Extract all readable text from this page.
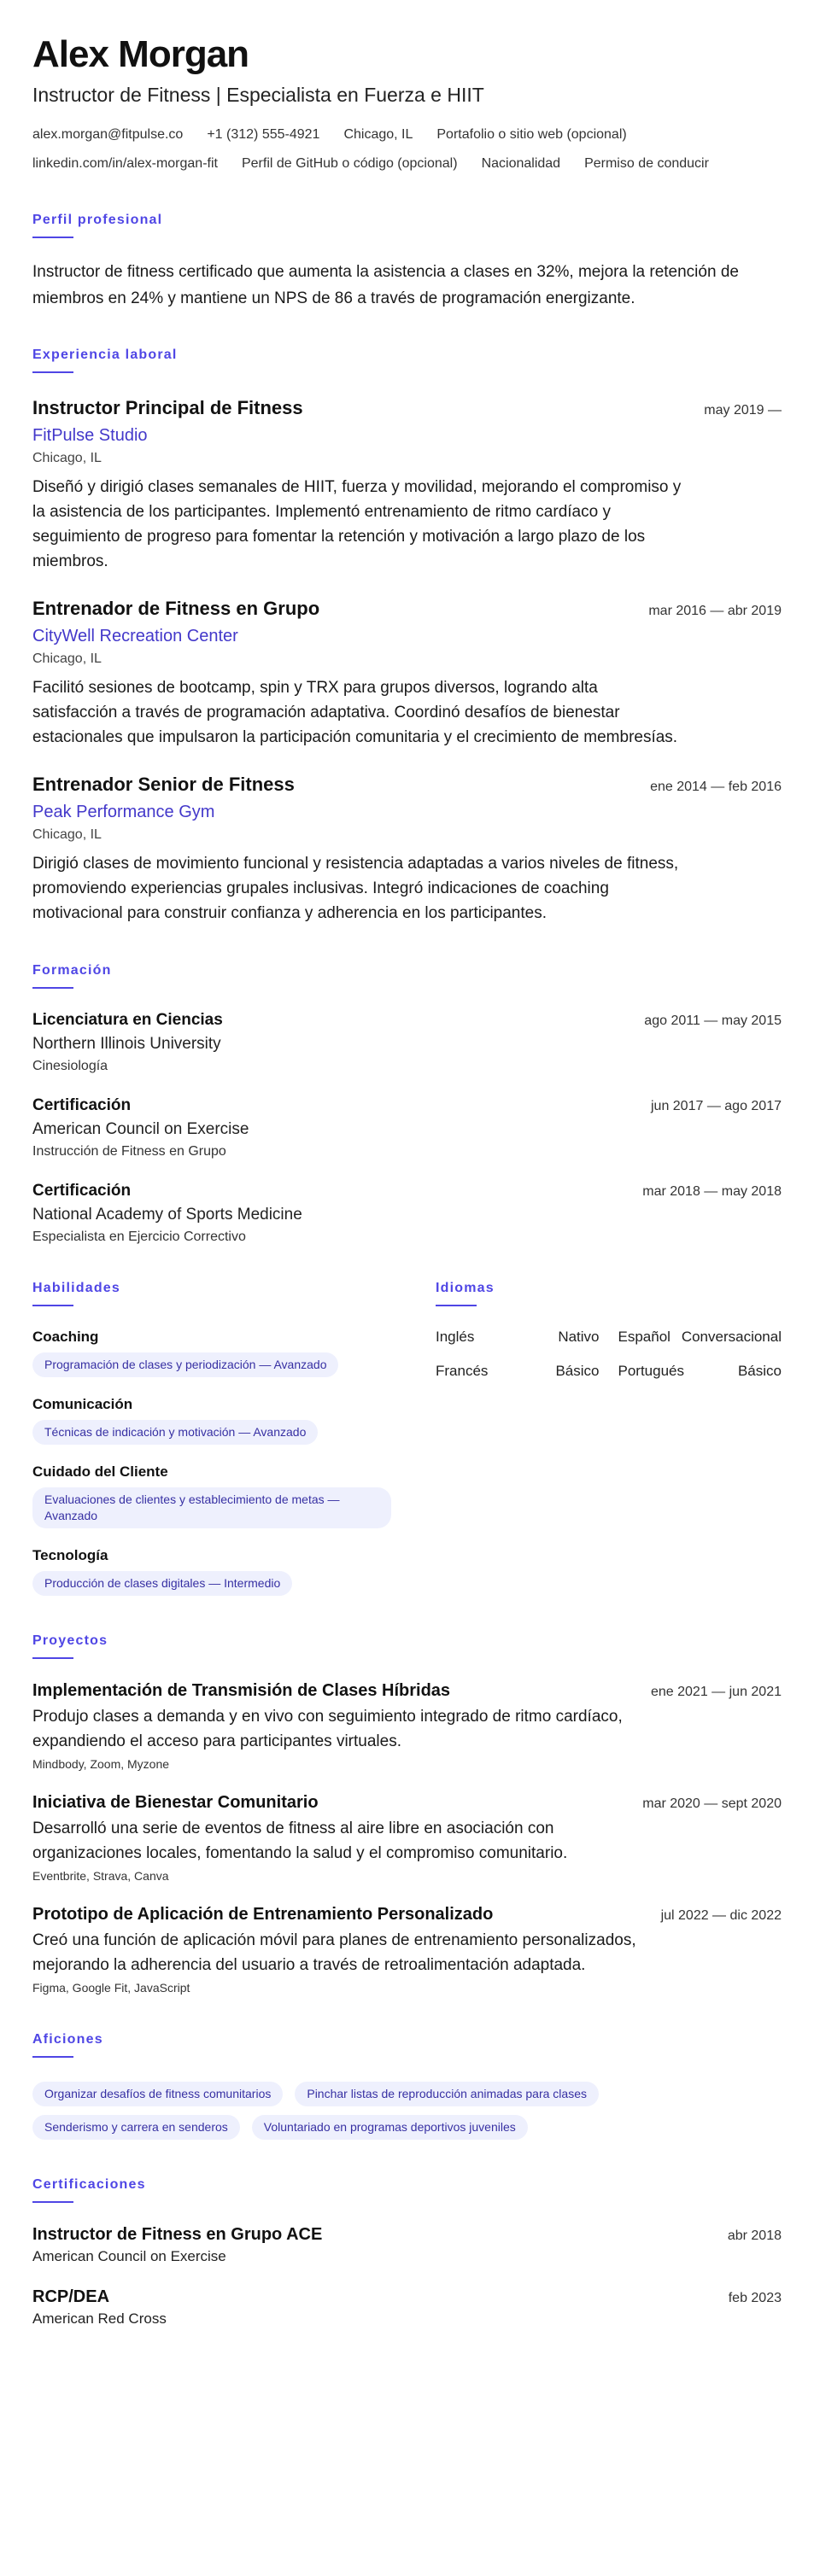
Alex Morgan
Instructor de Fitness | Especialista en Fuerza e HIIT
alex.morgan@fitpulse.co +1 (312) 555-4921 Chicago, IL Portafolio o sitio web (opcional)
linkedin.com/in/alex-morgan-fit Perfil de GitHub o código (opcional) Nacionalidad Permiso de conducir
Perfil profesional
Instructor de fitness certificado que aumenta la asistencia a clases en 32%, mejora la retención de miembros en 24% y mantiene un NPS de 86 a través de programación energizante.
Experiencia laboral
Instructor Principal de Fitness	may 2019 —
FitPulse Studio
Chicago, IL
Diseñó y dirigió clases semanales de HIIT, fuerza y movilidad, mejorando el compromiso y la asistencia de los participantes. Implementó entrenamiento de ritmo cardíaco y seguimiento de progreso para fomentar la retención y motivación a largo plazo de los miembros.
Entrenador de Fitness en Grupo	mar 2016 — abr 2019
CityWell Recreation Center
Chicago, IL
Facilitó sesiones de bootcamp, spin y TRX para grupos diversos, logrando alta satisfacción a través de programación adaptativa. Coordinó desafíos de bienestar estacionales que impulsaron la participación comunitaria y el crecimiento de membresías.
Entrenador Senior de Fitness	ene 2014 — feb 2016
Peak Performance Gym
Chicago, IL
Dirigió clases de movimiento funcional y resistencia adaptadas a varios niveles de fitness, promoviendo experiencias grupales inclusivas. Integró indicaciones de coaching motivacional para construir confianza y adherencia en los participantes.
Formación
Licenciatura en Ciencias	ago 2011 — may 2015
Northern Illinois University
Cinesiología
Certificación	jun 2017 — ago 2017
American Council on Exercise
Instrucción de Fitness en Grupo
Certificación	mar 2018 — may 2018
National Academy of Sports Medicine
Especialista en Ejercicio Correctivo
Habilidades
Coaching
Programación de clases y periodización — Avanzado
Comunicación
Técnicas de indicación y motivación — Avanzado
Cuidado del Cliente
Evaluaciones de clientes y establecimiento de metas — Avanzado
Tecnología
Producción de clases digitales — Intermedio
Idiomas
Inglés	Nativo Español Conversacional
Francés	Básico Portugués	Básico
Proyectos
Implementación de Transmisión de Clases Híbridas	ene 2021 — jun 2021
Produjo clases a demanda y en vivo con seguimiento integrado de ritmo cardíaco, expandiendo el acceso para participantes virtuales.
Mindbody, Zoom, Myzone
Iniciativa de Bienestar Comunitario	mar 2020 — sept 2020
Desarrolló una serie de eventos de fitness al aire libre en asociación con organizaciones locales, fomentando la salud y el compromiso comunitario.
Eventbrite, Strava, Canva
Prototipo de Aplicación de Entrenamiento Personalizado	jul 2022 — dic 2022
Creó una función de aplicación móvil para planes de entrenamiento personalizados, mejorando la adherencia del usuario a través de retroalimentación adaptada.
Figma, Google Fit, JavaScript
Aficiones
Organizar desafíos de fitness comunitarios	Pinchar listas de reproducción animadas para clases
Senderismo y carrera en senderos	Voluntariado en programas deportivos juveniles
Certificaciones
Instructor de Fitness en Grupo ACE	abr 2018
American Council on Exercise
RCP/DEA	feb 2023
American Red Cross
